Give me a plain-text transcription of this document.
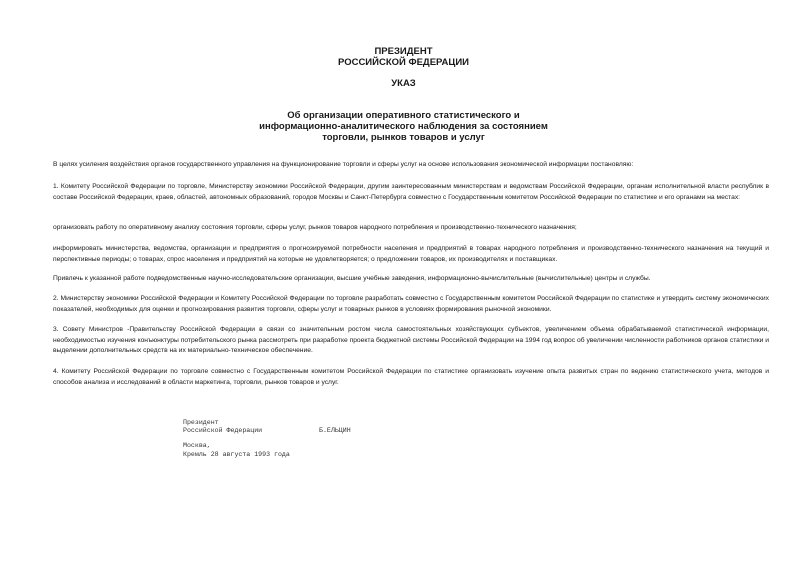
ПРЕЗИДЕНТ
РОССИЙСКОЙ ФЕДЕРАЦИИ
УКАЗ
Об организации оперативного статистического и
информационно-аналитического наблюдения за состоянием
торговли, рынков товаров и услуг

В целях усиления воздействия органов государственного управления на функционирование торговли и сферы услуг на основе использования экономической информации постановляю:

1. Комитету Российской Федерации по торговле, Министерству экономики Российской Федерации, другим заинтересованным министерствам и ведомствам Российской Федерации, органам исполнительной власти республик в составе Российской Федерации, краев, областей, автономных образований, городов Москвы и Санкт-Петербурга совместно с Государственным комитетом Российской Федерации по статистике и его органами на местах:

организовать работу по оперативному анализу состояния торговли, сферы услуг, рынков товаров народного потребления и производственно-технического назначения;

информировать министерства, ведомства, организации и предприятия о прогнозируемой потребности населения и предприятий в товарах народного потребления и производственно-технического назначения на текущий и перспективные периоды; о товарах, спрос населения и предприятий на которые не удовлетворяется; о предложении товаров, их производителях и поставщиках.

Привлечь к указанной работе подведомственные научно-исследовательские организации, высшие учебные заведения, информационно-вычислительные (вычислительные) центры и службы.

2. Министерству экономики Российской Федерации и Комитету Российской Федерации по торговле разработать совместно с Государственным комитетом Российской Федерации по статистике и утвердить систему экономических показателей, необходимых для оценки и прогнозирования развития торговли, сферы услуг и товарных рынков в условиях формирования рыночной экономики.

3. Совету Министров -Правительству Российской Федерации в связи со значительным ростом числа самостоятельных хозяйствующих субъектов, увеличением объема обрабатываемой статистической информации, необходимостью изучения конъюнктуры потребительского рынка рассмотреть при разработке проекта бюджетной системы Российской Федерации на 1994 год вопрос об увеличении численности работников органов статистики и выделении дополнительных средств на их материально-техническое обеспечение.

4. Комитету Российской Федерации по торговле совместно с Государственным комитетом Российской Федерации по статистике организовать изучение опыта развитых стран по ведению статистического учета, методов и способов анализа и исследований в области маркетинга, торговли, рынков товаров и услуг.

Президент
Российской Федерации	Б.ЕЛЬЦИН
Москва,
Кремль 28 августа 1993 года
